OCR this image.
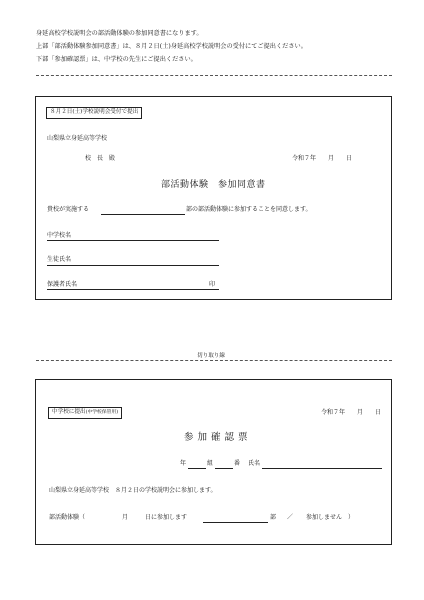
身延高校学校説明会の部活動体験の参加同意書になります。
上部「部活動体験参加同意書」は、８月２日(土)身延高校学校説明会の受付にてご提出ください。
下部「参加確認票」は、中学校の先生にご提出ください。
８月２日(土)学校説明会受付で提出
山梨県立身延高等学校
校　長　殿	令和７年　　月　　日
部活動体験　参加同意書
貴校が実施する	部の部活動体験に参加することを同意します。
中学校名
生徒氏名
保護者氏名	印
切り取り線
中学校に提出(中学校保管用)	令和７年　　月　　日
参加確認票
年	組	番 氏名
山梨県立身延高等学校　８月２日の学校説明会に参加します。
部活動体験（	月	日に参加します	部 ／ 参加しません　）
